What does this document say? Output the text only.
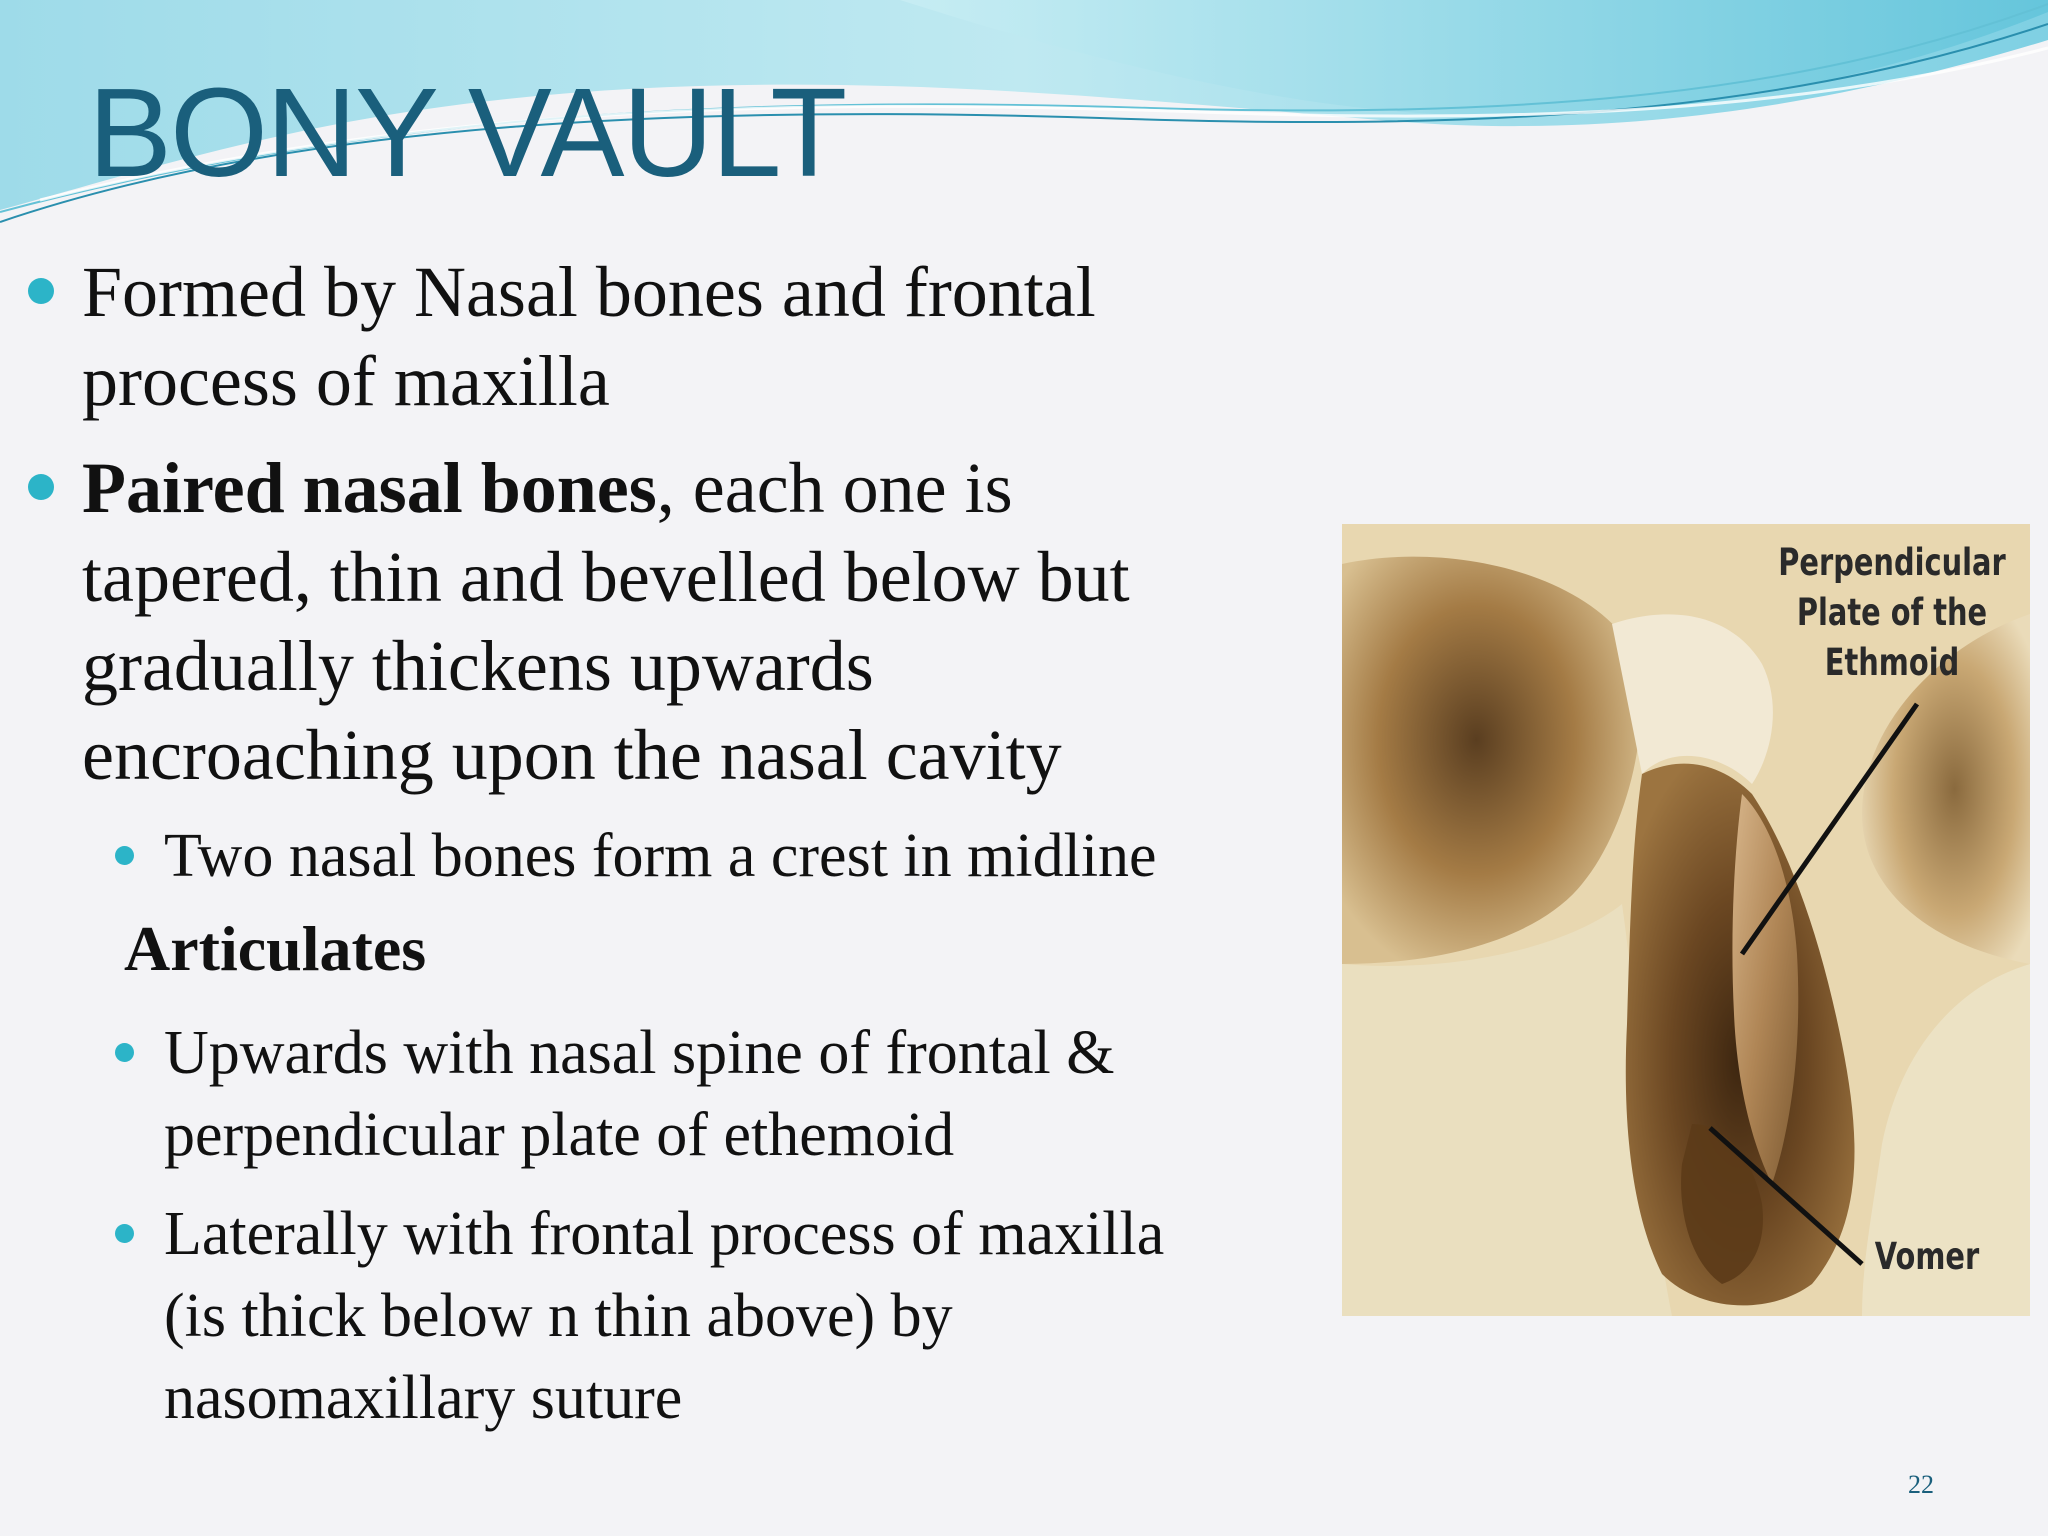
BONY VAULT

Formed by Nasal bones and frontal
process of maxilla

Paired nasal bones, each one is
tapered, thin and bevelled below but
gradually thickens upwards
encroaching upon the nasal cavity

Two nasal bones form a crest in midline

Articulates

Upwards with nasal spine of frontal &
perpendicular plate of ethemoid

Laterally with frontal process of maxilla
(is thick below n thin above) by
nasomaxillary suture

Perpendicular
Plate of the
Ethmoid
Vomer
22
